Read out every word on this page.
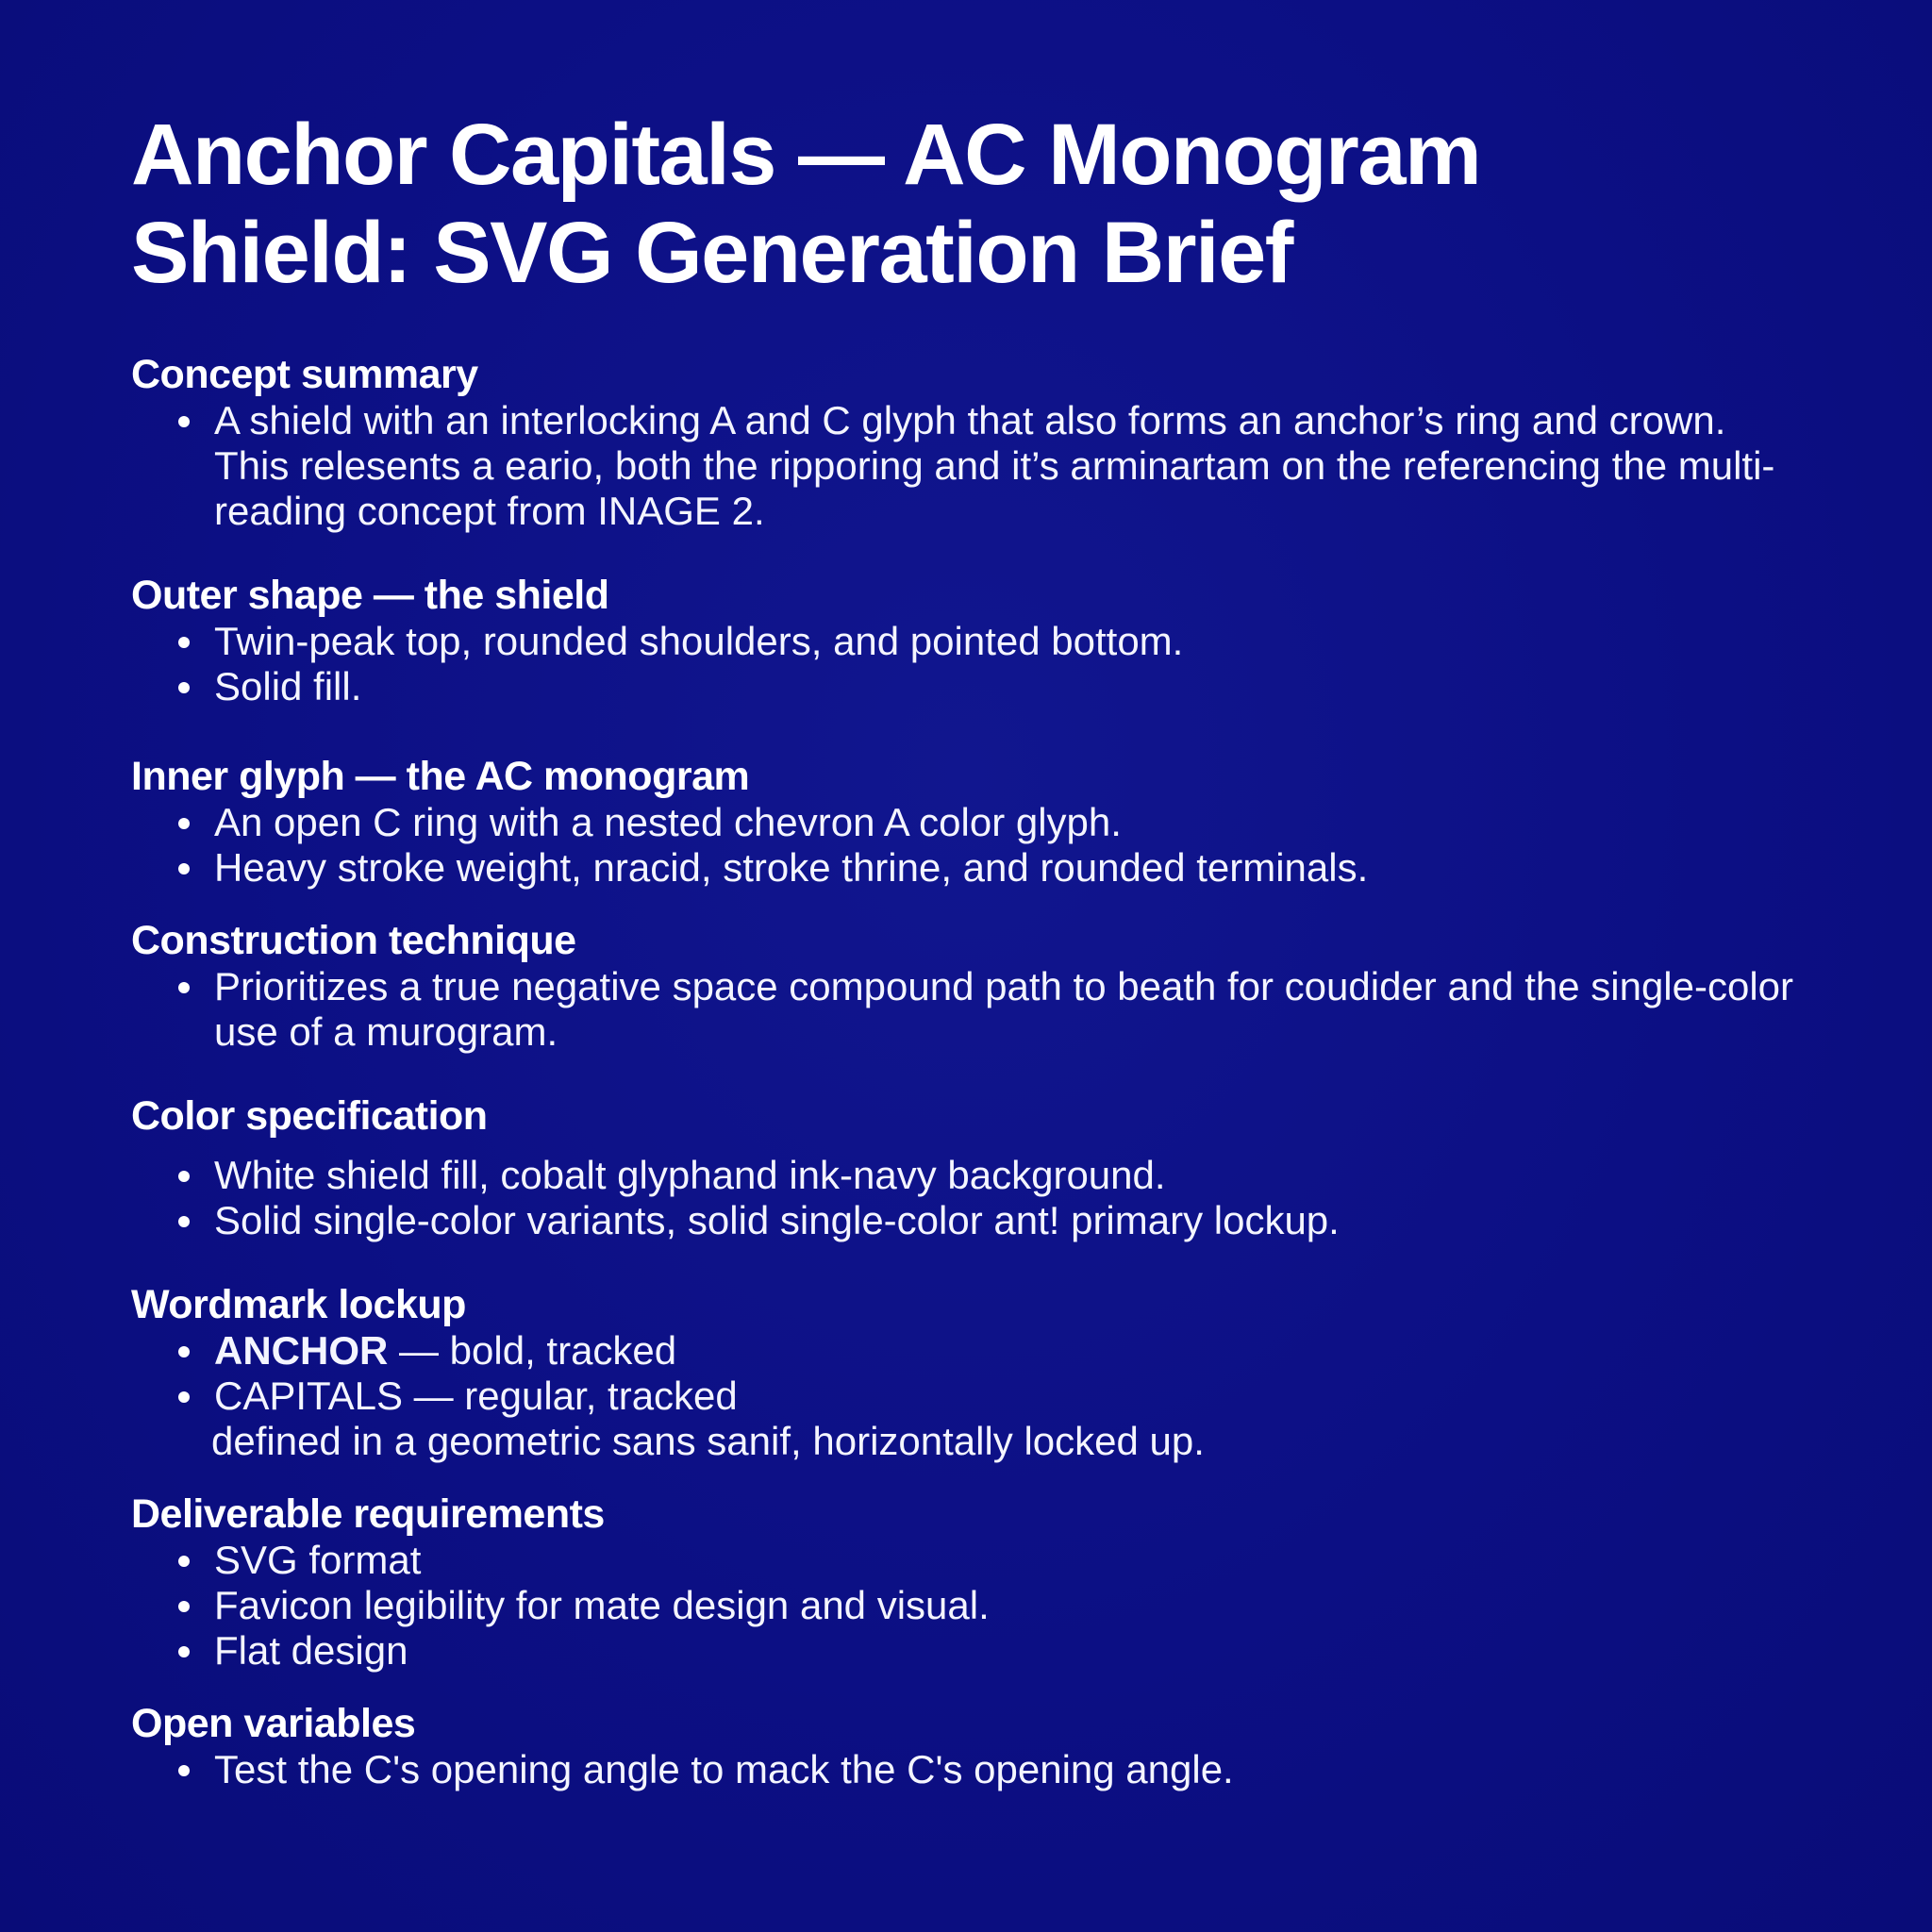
Anchor Capitals — AC Monogram
Shield: SVG Generation Brief
Concept summary
A shield with an interlocking A and C glyph that also forms an anchor’s ring and crown. This relesents a eario, both the ripporing and it’s arminartam on the referencing the multi-reading concept from INAGE 2.
Outer shape — the shield
Twin-peak top, rounded shoulders, and pointed bottom.
Solid fill.
Inner glyph — the AC monogram
An open C ring with a nested chevron A color glyph.
Heavy stroke weight, nracid, stroke thrine, and rounded terminals.
Construction technique
Prioritizes a true negative space compound path to beath for coudider and the single-color use of a murogram.
Color specification
White shield fill, cobalt glyphand ink-navy background.
Solid single-color variants, solid single-color ant! primary lockup.
Wordmark lockup
ANCHOR — bold, tracked
CAPITALS — regular, tracked
defined in a geometric sans sanif, horizontally locked up.
Deliverable requirements
SVG format
Favicon legibility for mate design and visual.
Flat design
Open variables
Test the C's opening angle to mack the C's opening angle.
